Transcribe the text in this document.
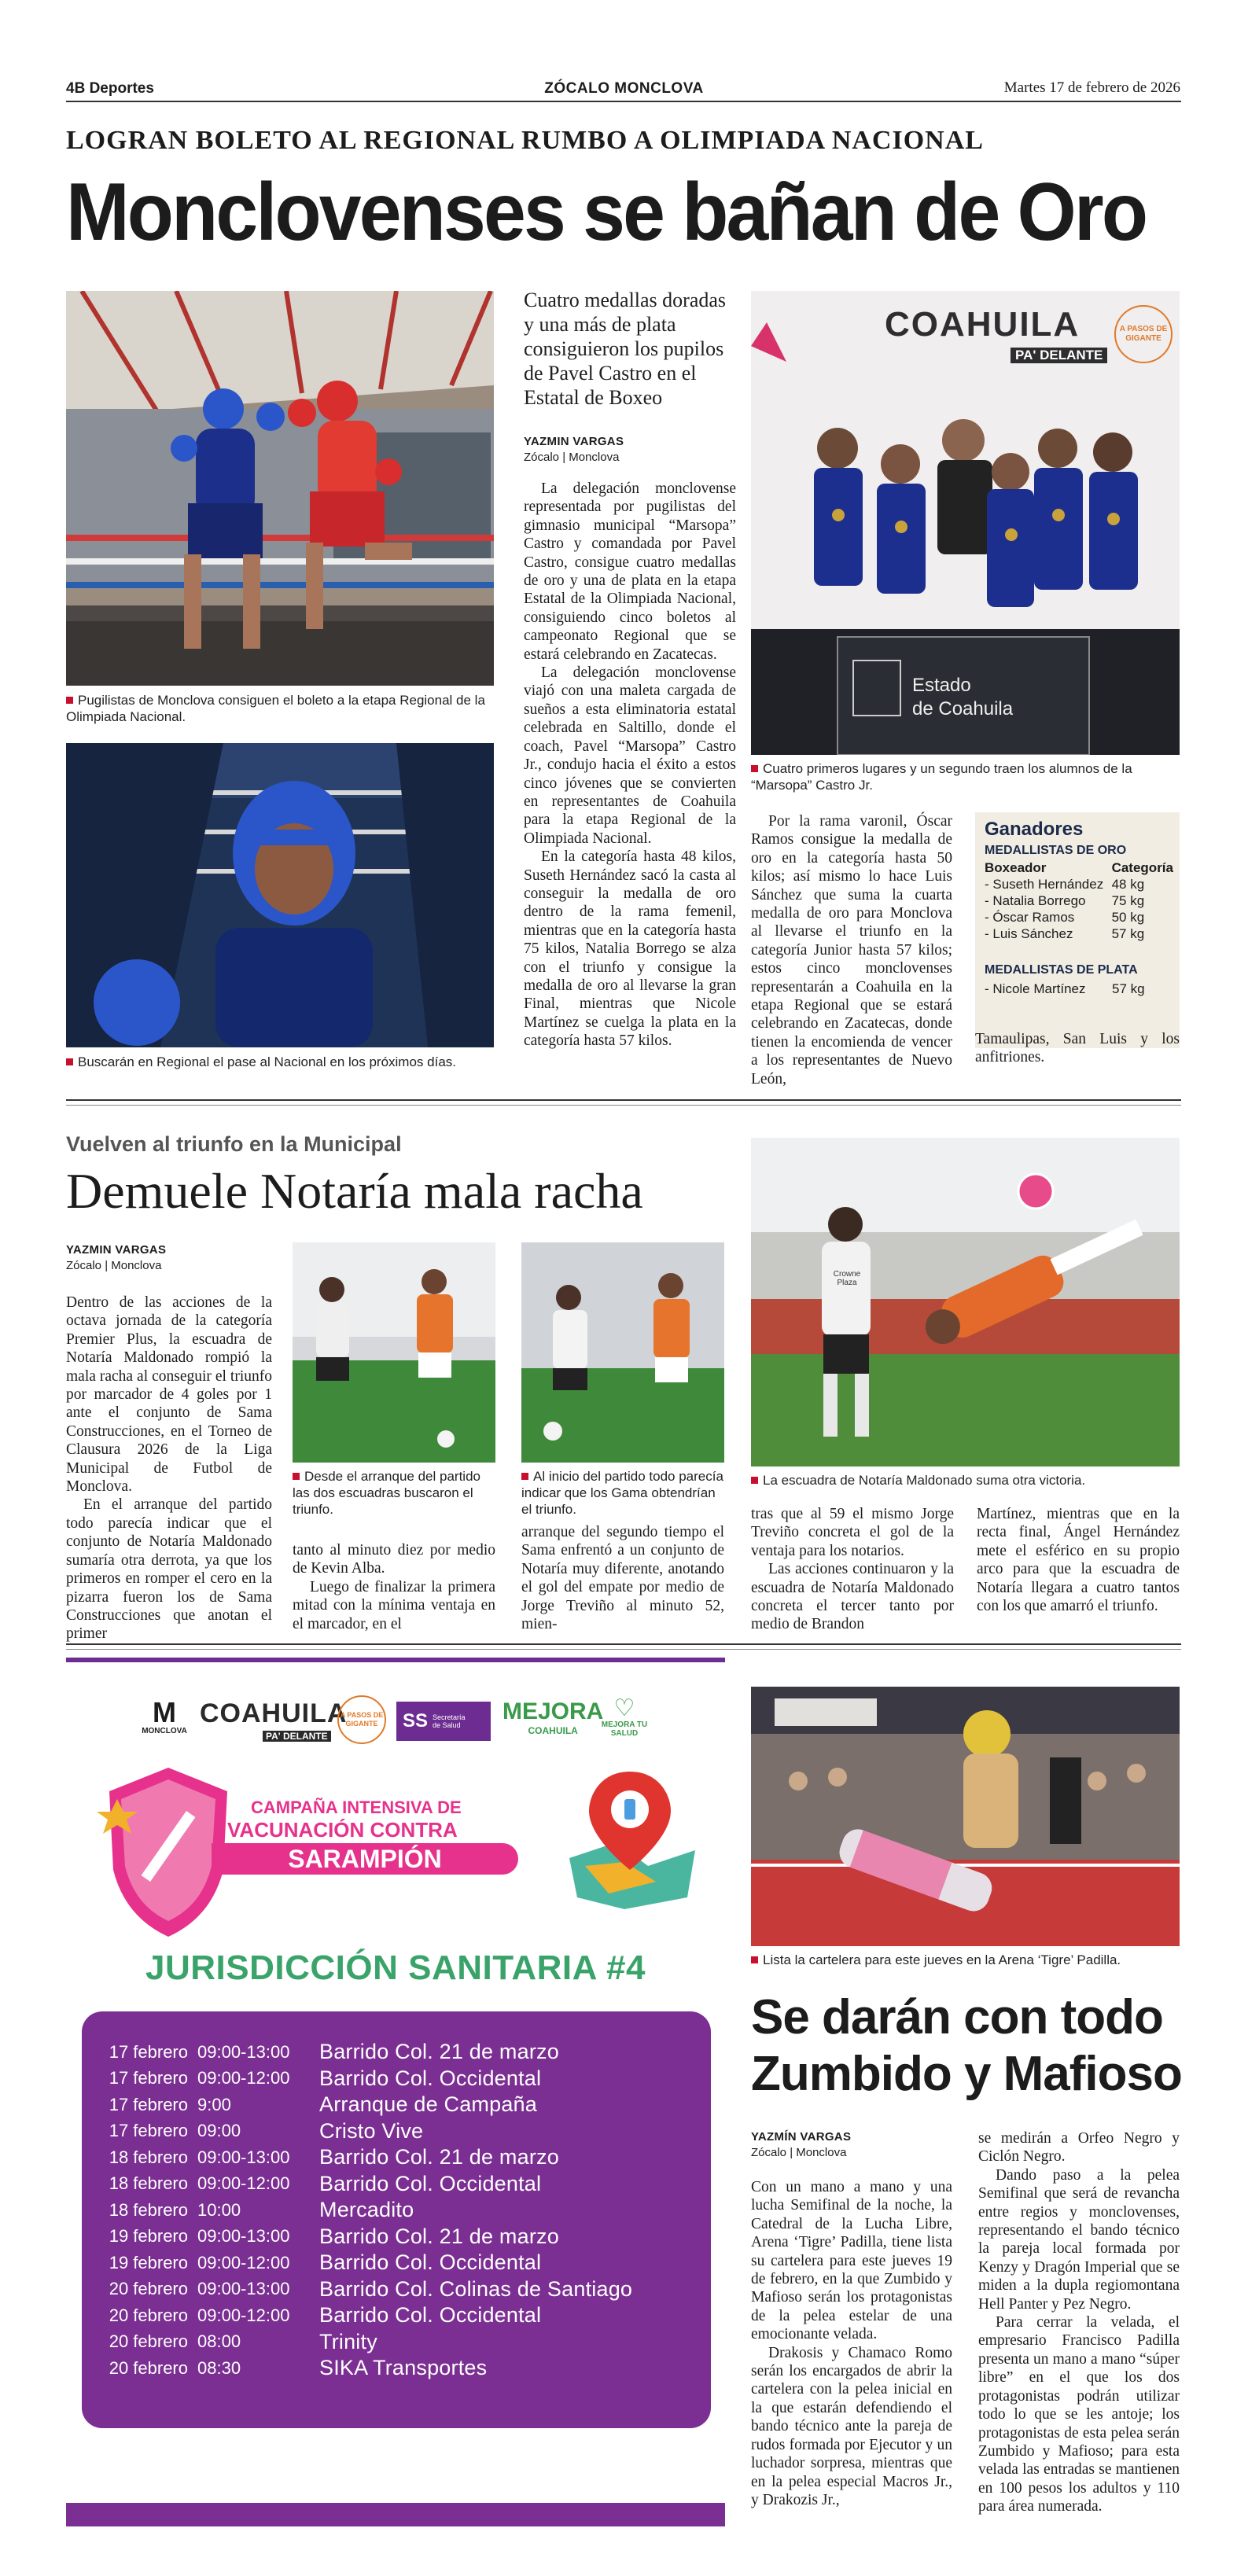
4B Deportes	ZÓCALO MONCLOVA	Martes 17 de febrero de 2026
LOGRAN BOLETO AL REGIONAL RUMBO A OLIMPIADA NACIONAL
Monclovenses se bañan de Oro
Pugilistas de Monclova consiguen el boleto a la etapa Regional de la Olimpiada Nacional.
Buscarán en Regional el pase al Nacional en los próximos días.
Cuatro medallas doradas y una más de plata consiguieron los pupilos de Pavel Castro en el Estatal de Boxeo
YAZMIN VARGAS
Zócalo | Monclova

La delegación monclovense representada por pugilistas del gimnasio municipal “Marsopa” Castro y comandada por Pavel Castro, consigue cuatro medallas de oro y una de plata en la etapa Estatal de la Olimpiada Nacional, consiguiendo cinco boletos al campeonato Regional que se estará celebrando en Zacatecas.

La delegación monclovense viajó con una maleta cargada de sueños a esta eliminatoria estatal celebrada en Saltillo, donde el coach, Pavel “Marsopa” Castro Jr., condujo hacia el éxito a estos cinco jóvenes que se convierten en representantes de Coahuila para la etapa Regional de la Olimpiada Nacional.

En la categoría hasta 48 kilos, Suseth Hernández sacó la casta al conseguir la medalla de oro dentro de la rama femenil, mientras que en la categoría hasta 75 kilos, Natalia Borrego se alza con el triunfo y consigue la medalla de oro al llevarse la gran Final, mientras que Nicole Martínez se cuelga la plata en la categoría hasta 57 kilos.

COAHUILA
PA' DELANTE
A PASOS DE GIGANTE
Estado
de Coahuila
Cuatro primeros lugares y un segundo traen los alumnos de la “Marsopa” Castro Jr.

Por la rama varonil, Óscar Ramos consigue la medalla de oro en la categoría hasta 50 kilos; así mismo lo hace Luis Sánchez que suma la cuarta medalla de oro para Monclova al llevarse el triunfo en la categoría Junior hasta 57 kilos; estos cinco monclovenses representarán a Coahuila en la etapa Regional que se estará celebrando en Zacatecas, donde tienen la encomienda de vencer a los representantes de Nuevo León,

Ganadores
MEDALLISTAS DE ORO
Boxeador	Categoría
- Suseth Hernández	48 kg
- Natalia Borrego	75 kg
- Óscar Ramos	50 kg
- Luis Sánchez	57 kg
MEDALLISTAS DE PLATA
- Nicole Martínez	57 kg

Tamaulipas, San Luis y los anfitriones.

Vuelven al triunfo en la Municipal
Demuele Notaría mala racha
YAZMIN VARGAS
Zócalo | Monclova

Dentro de las acciones de la octava jornada de la categoría Premier Plus, la escuadra de Notaría Maldonado rompió la mala racha al conseguir el triunfo por marcador de 4 goles por 1 ante el conjunto de Sama Construcciones, en el Torneo de Clausura 2026 de la Liga Municipal de Futbol de Monclova.

En el arranque del partido todo parecía indicar que el conjunto de Notaría Maldonado sumaría otra derrota, ya que los primeros en romper el cero en la pizarra fueron los de Sama Construcciones que anotan el primer

Desde el arranque del partido las dos escuadras buscaron el triunfo.
Al inicio del partido todo parecía indicar que los Gama obtendrían el triunfo.
Crowne Plaza
La escuadra de Notaría Maldonado suma otra victoria.

tanto al minuto diez por medio de Kevin Alba.

Luego de finalizar la primera mitad con la mínima ventaja en el marcador, en el

arranque del segundo tiempo el Sama enfrentó a un conjunto de Notaría muy diferente, anotando el gol del empate por medio de Jorge Treviño al minuto 52, mien-

tras que al 59 el mismo Jorge Treviño concreta el gol de la ventaja para los notarios.

Las acciones continuaron y la escuadra de Notaría Maldonado concreta el tercer tanto por medio de Brandon

Martínez, mientras que en la recta final, Ángel Hernández mete el esférico en su propio arco para que la escuadra de Notaría llegara a cuatro tantos con los que amarró el triunfo.

M
MONCLOVA
COAHUILA
PA' DELANTE
A PASOS DE GIGANTE	SS Secretaría de Salud
MEJORA
COAHUILA
♡
MEJORA TU SALUD
CAMPAÑA INTENSIVA DE
VACUNACIÓN CONTRA
SARAMPIÓN
JURISDICCIÓN SANITARIA #4
17 febrero 09:00-13:00	Barrido Col. 21 de marzo
17 febrero 09:00-12:00	Barrido Col. Occidental
17 febrero 9:00	Arranque de Campaña
17 febrero 09:00	Cristo Vive
18 febrero 09:00-13:00	Barrido Col. 21 de marzo
18 febrero 09:00-12:00	Barrido Col. Occidental
18 febrero 10:00	Mercadito
19 febrero 09:00-13:00	Barrido Col. 21 de marzo
19 febrero 09:00-12:00	Barrido Col. Occidental
20 febrero 09:00-13:00	Barrido Col. Colinas de Santiago
20 febrero 09:00-12:00	Barrido Col. Occidental
20 febrero 08:00	Trinity
20 febrero 08:30	SIKA Transportes
Lista la cartelera para este jueves en la Arena ‘Tigre’ Padilla.
Se darán con todo
Zumbido y Mafioso
YAZMÍN VARGAS
Zócalo | Monclova

Con un mano a mano y una lucha Semifinal de la noche, la Catedral de la Lucha Libre, Arena ‘Tigre’ Padilla, tiene lista su cartelera para este jueves 19 de febrero, en la que Zumbido y Mafioso serán los protagonistas de la pelea estelar de una emocionante velada.

Drakosis y Chamaco Romo serán los encargados de abrir la cartelera con la pelea inicial en la que estarán defendiendo el bando técnico ante la pareja de rudos formada por Ejecutor y un luchador sorpresa, mientras que en la pelea especial Macros Jr., y Drakozis Jr.,

se medirán a Orfeo Negro y Ciclón Negro.

Dando paso a la pelea Semifinal que será de revancha entre regios y monclovenses, representando el bando técnico la pareja local formada por Kenzy y Dragón Imperial que se miden a la dupla regiomontana Hell Panter y Pez Negro.

Para cerrar la velada, el empresario Francisco Padilla presenta un mano a mano “súper libre” en el que los dos protagonistas podrán utilizar todo lo que se les antoje; los protagonistas de esta pelea serán Zumbido y Mafioso; para esta velada las entradas se mantienen en 100 pesos los adultos y 110 para área numerada.
